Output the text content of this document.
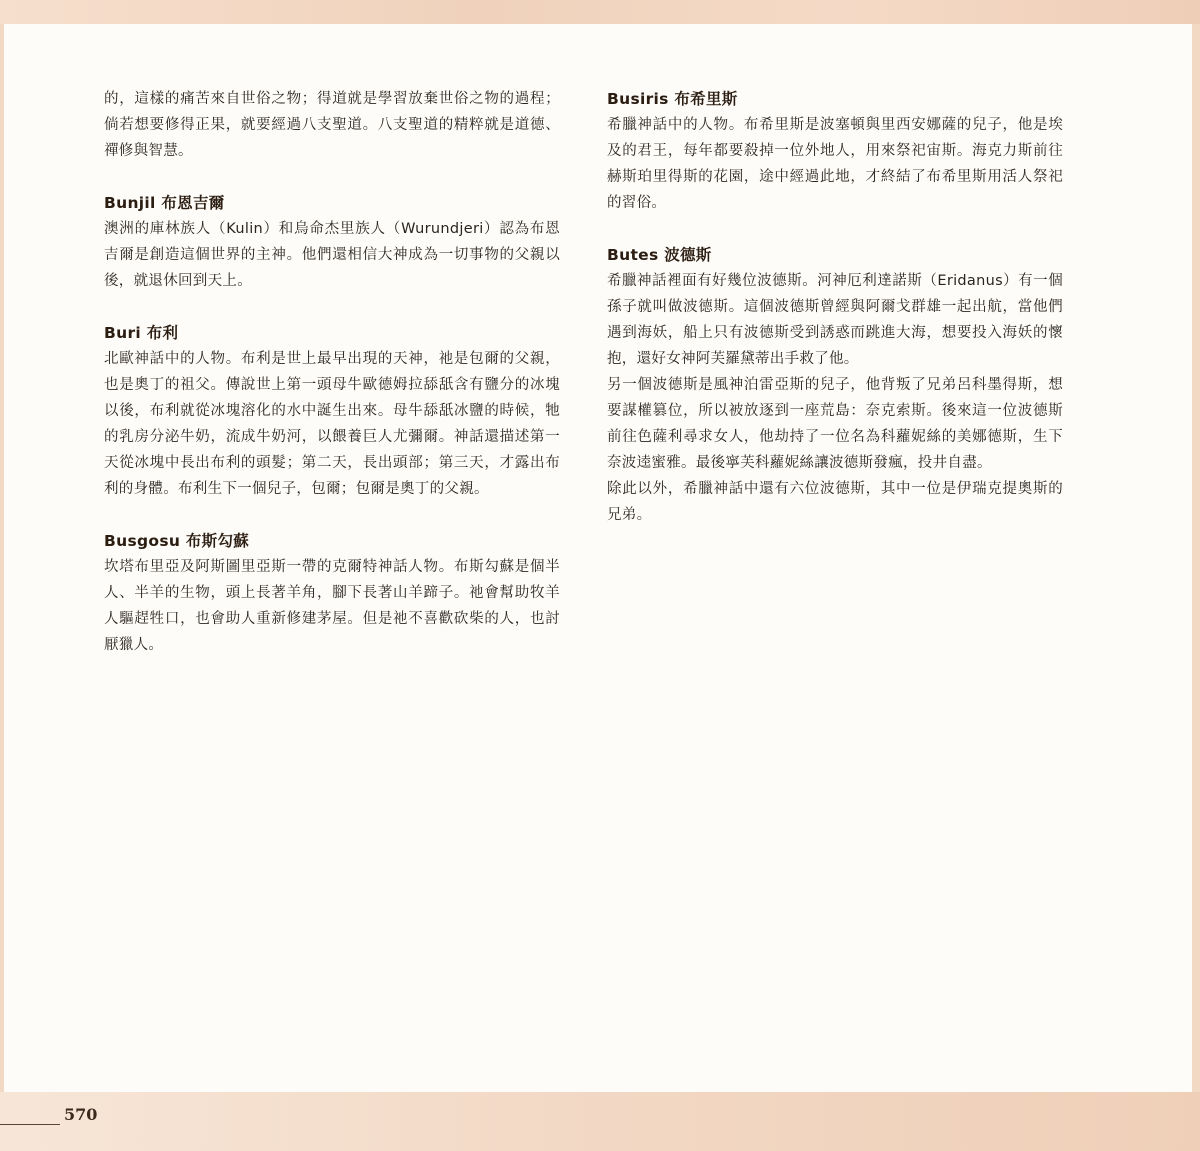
的，這樣的痛苦來自世俗之物；得道就是學習放棄世俗之物的過程；倘若想要修得正果，就要經過八支聖道。八支聖道的精粹就是道德、禪修與智慧。

Bunjil 布恩吉爾

澳洲的庫林族人（Kulin）和烏命杰里族人（Wurundjeri）認為布恩吉爾是創造這個世界的主神。他們還相信大神成為一切事物的父親以後，就退休回到天上。

Buri 布利

北歐神話中的人物。布利是世上最早出現的天神，祂是包爾的父親，也是奧丁的祖父。傳說世上第一頭母牛歐德姆拉舔舐含有鹽分的冰塊以後，布利就從冰塊溶化的水中誕生出來。母牛舔舐冰鹽的時候，牠的乳房分泌牛奶，流成牛奶河，以餵養巨人尤彌爾。神話還描述第一天從冰塊中長出布利的頭髮；第二天，長出頭部；第三天，才露出布利的身體。布利生下一個兒子，包爾；包爾是奧丁的父親。

Busgosu 布斯勾蘇

坎塔布里亞及阿斯圖里亞斯一帶的克爾特神話人物。布斯勾蘇是個半人、半羊的生物，頭上長著羊角，腳下長著山羊蹄子。祂會幫助牧羊人驅趕牲口，也會助人重新修建茅屋。但是祂不喜歡砍柴的人，也討厭獵人。

Busiris 布希里斯

希臘神話中的人物。布希里斯是波塞頓與里西安娜薩的兒子，他是埃及的君王，每年都要殺掉一位外地人，用來祭祀宙斯。海克力斯前往赫斯珀里得斯的花園，途中經過此地，才終結了布希里斯用活人祭祀的習俗。

Butes 波德斯

希臘神話裡面有好幾位波德斯。河神厄利達諾斯（Eridanus）有一個孫子就叫做波德斯。這個波德斯曾經與阿爾戈群雄一起出航，當他們遇到海妖，船上只有波德斯受到誘惑而跳進大海，想要投入海妖的懷抱，還好女神阿芙羅黛蒂出手救了他。

另一個波德斯是風神泊雷亞斯的兒子，他背叛了兄弟呂科墨得斯，想要謀權篡位，所以被放逐到一座荒島：奈克索斯。後來這一位波德斯前往色薩利尋求女人，他劫持了一位名為科蘿妮絲的美娜德斯，生下奈波逵蜜雅。最後寧芙科蘿妮絲讓波德斯發瘋，投井自盡。

除此以外，希臘神話中還有六位波德斯，其中一位是伊瑞克提奧斯的兄弟。

570
